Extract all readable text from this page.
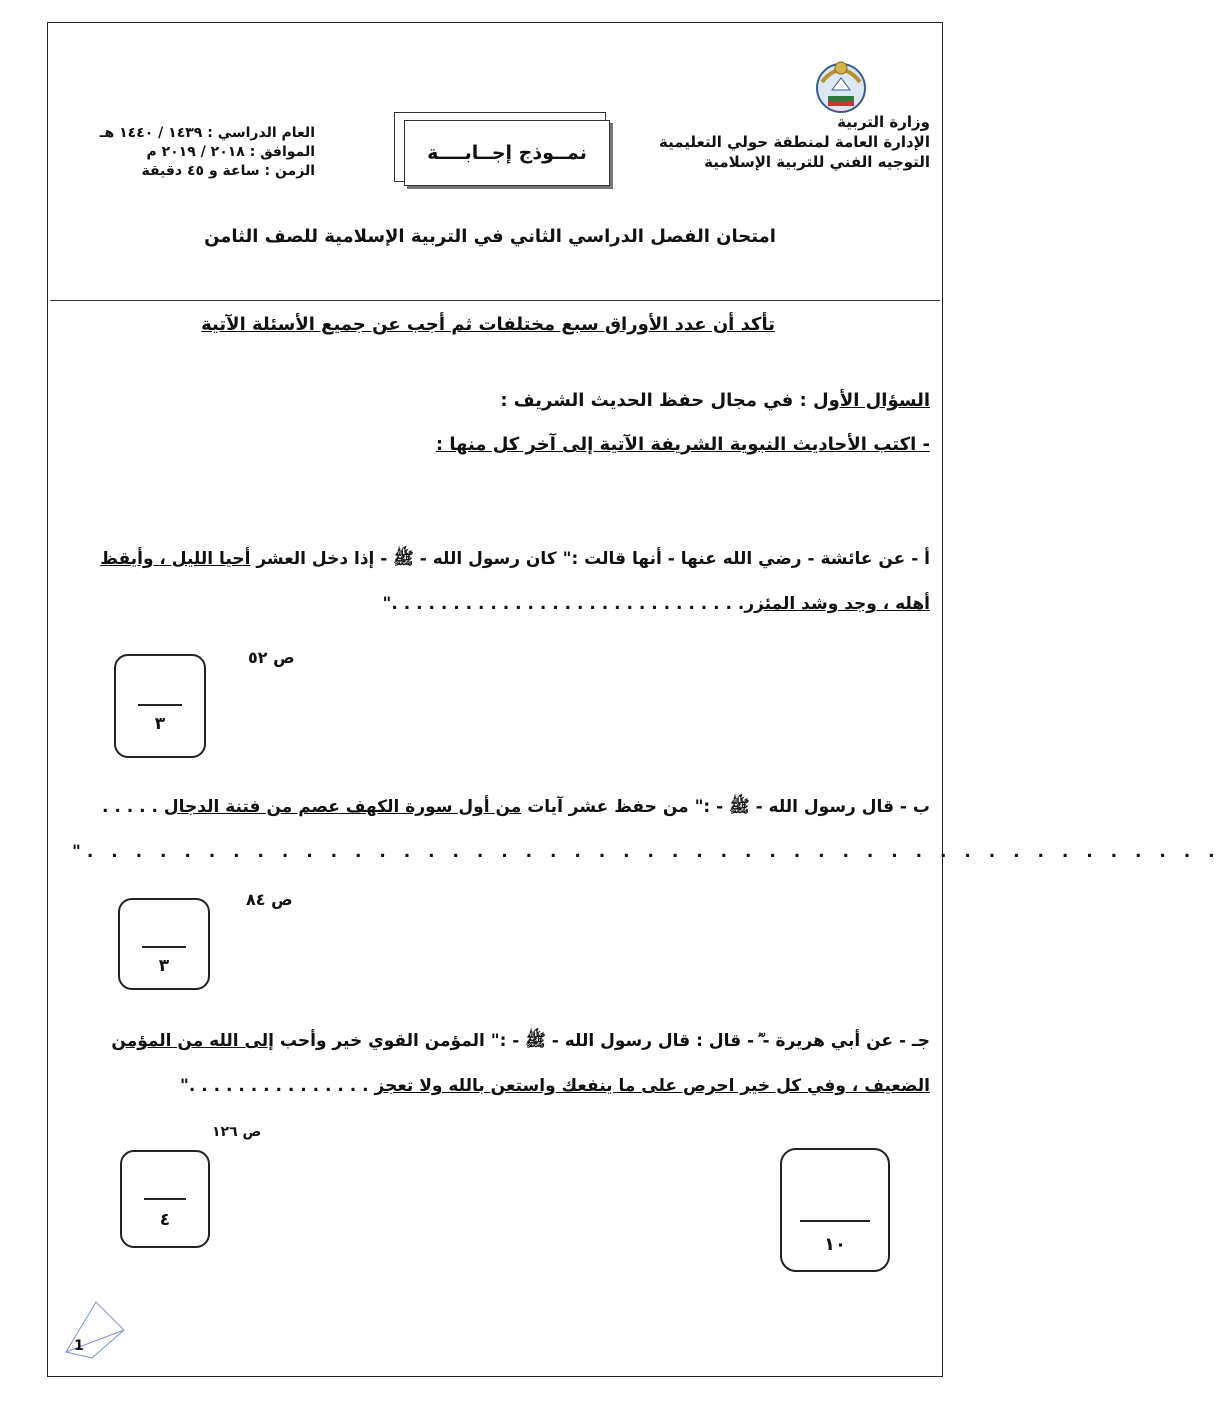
وزارة التربية
الإدارة العامة لمنطقة حولي التعليمية
التوجيه الفني للتربية الإسلامية
نمــوذج إجــابــــة
العام الدراسي : ١٤٣٩ / ١٤٤٠ هـ
الموافق : ٢٠١٨ / ٢٠١٩ م
الزمن : ساعة و ٤٥ دقيقة
امتحان الفصل الدراسي الثاني في التربية الإسلامية للصف الثامن
تأكد أن عدد الأوراق سبع مختلفات ثم أجب عن جميع الأسئلة الآتية
السؤال الأول : في مجال حفظ الحديث الشريف :
- اكتب الأحاديث النبوية الشريفة الآتية إلى آخر كل منها :
أ - عن عائشة - رضي الله عنها - أنها قالت :" كان رسول الله - ﷺ - إذا دخل العشر أحيا الليل ، وأيقظ
أهله ، وجد وشد المئزر. . . . . . . . . . . . . . . . . . . . . . . . . . . . ."
ص ٥٢
٣
ب - قال رسول الله - ﷺ - :" من حفظ عشر آيات من أول سورة الكهف عصم من فتنة الدجال . . . . .
". . . . . . . . . . . . . . . . . . . . . . . . . . . . . . . . . . . . . . . . . . . . . . .
ص ٨٤
٣
جـ - عن أبي هريرة - ؓ - قال : قال رسول الله - ﷺ - :" المؤمن القوي خير وأحب إلى الله من المؤمن
الضعيف ، وفي كل خير احرص على ما ينفعك واستعن بالله ولا تعجز . . . . . . . . . . . . . . ."
ص ١٢٦
٤
١٠
1
